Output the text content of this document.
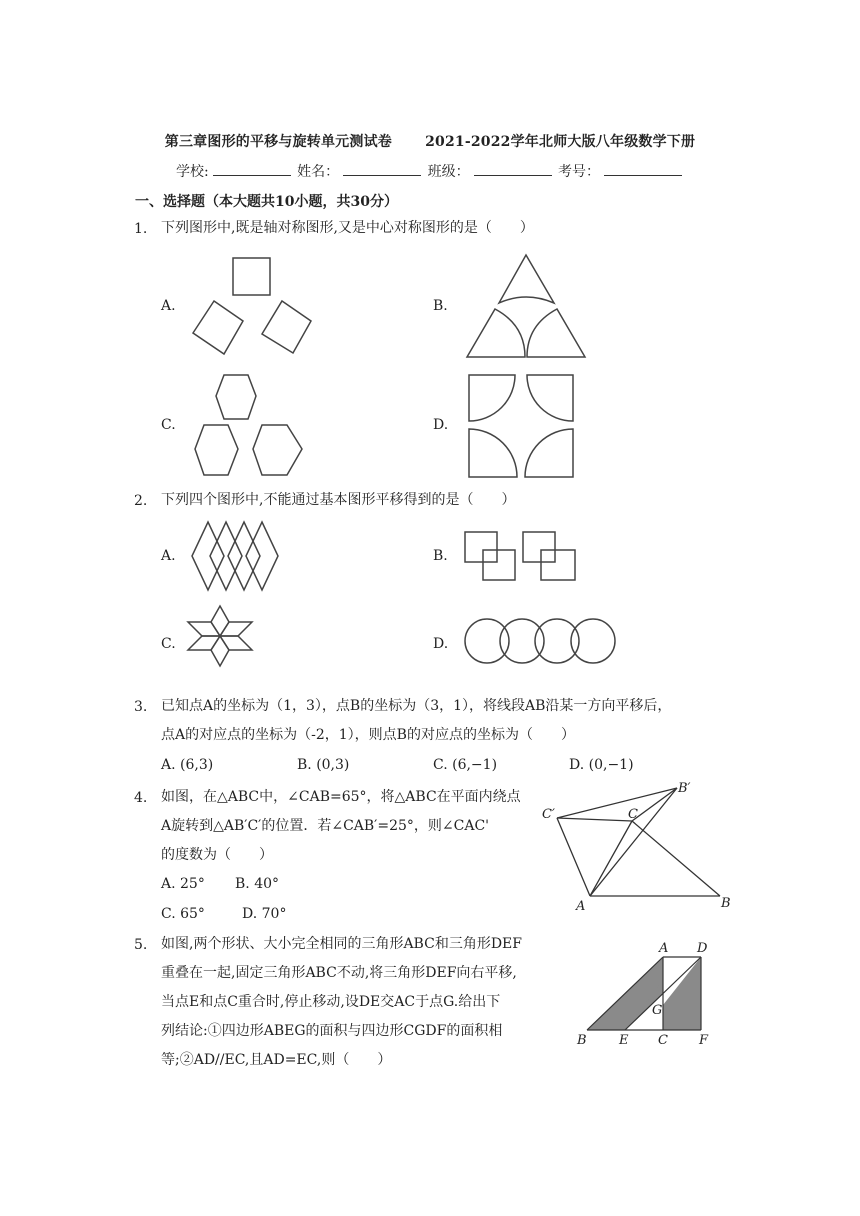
第三章图形的平移与旋转单元测试卷 2021-2022学年北师大版八年级数学下册
学校:	姓名：	班级：	考号：
一、选择题（本大题共10小题，共30分）
1. 下列图形中,既是轴对称图形,又是中心对称图形的是（　　）
A.	B.
C.	D.
2. 下列四个图形中,不能通过基本图形平移得到的是（　　）
A.	B.
C.	D.
3. 已知点A的坐标为（1，3），点B的坐标为（3，1），将线段AB沿某一方向平移后，
点A的对应点的坐标为（-2，1），则点B的对应点的坐标为（　　）
A. (6,3)	B. (0,3)	C. (6,−1)	D. (0,−1)
4. 如图，在△ABC中，∠CAB=65°，将△ABC在平面内绕点
A旋转到△AB′C′的位置．若∠CAB′=25°，则∠CAC'
的度数为（　　）
A. 25° B. 40°
C. 65°	D. 70°
C′	C
B′
A	B
5. 如图,两个形状、大小完全相同的三角形ABC和三角形DEF
重叠在一起,固定三角形ABC不动,将三角形DEF向右平移,
当点E和点C重合时,停止移动,设DE交AC于点G.给出下
列结论:①四边形ABEG的面积与四边形CGDF的面积相
等;②AD//EC,且AD=EC,则（　　）
A D
G
B E C F
